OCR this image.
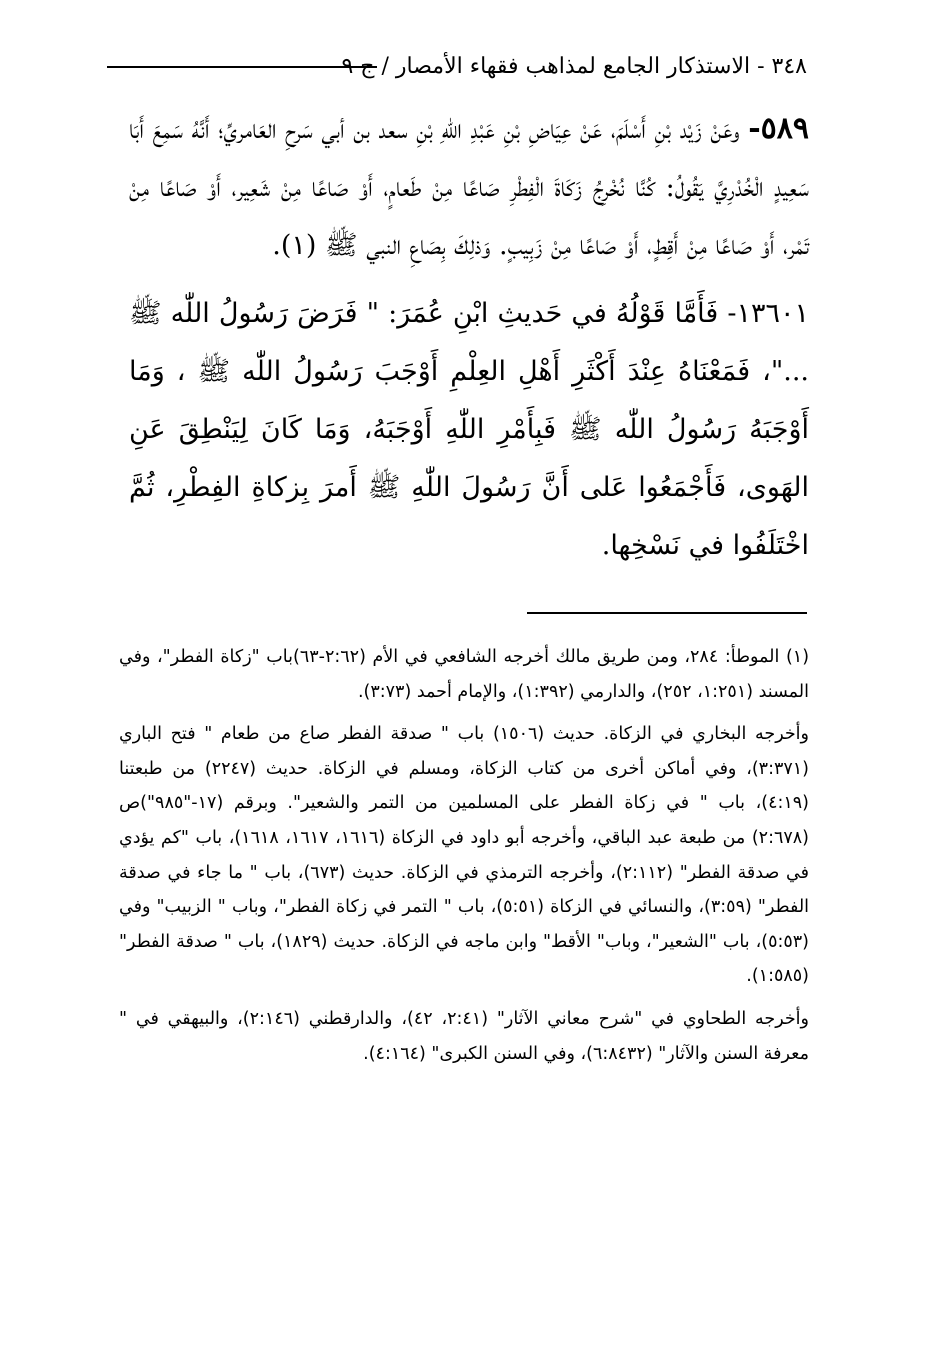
٣٤٨ - الاستذكار الجامع لمذاهب فقهاء الأمصار / ج ٩

٥٨٩- وعَنْ زَيْد بْنِ أَسْلَمَ، عَنْ عِيَاضِ بْنِ عَبْدِ اللّٰهِ بْنِ سعد بن أبي سَرحِ العَامريِّ؛ أَنَّهُ سَمِعَ أَبَا سَعِيدٍ الْخُدْرِيَّ يَقُولُ: كُنَّا نُخْرِجُ زَكَاةَ الْفِطْرِ صَاعًا مِنْ طَعامٍ، أَوْ صَاعًا مِنْ شَعِير، أَوْ صَاعًا مِنْ تَمْر، أَوْ صَاعًا مِنْ أَقِطٍ، أَوْ صَاعًا مِنْ زَبِيبٍ. وَذلِكَ بِصَاعِ النبي ﷺ (١).

١٣٦٠١- فَأَمَّا قَوْلُهُ في حَديثِ ابْنِ عُمَرَ: " فَرَضَ رَسُولُ اللّٰه ﷺ ..."، فَمَعْنَاهُ عِنْدَ أَكْثَرِ أَهْلِ العِلْمِ أَوْجَبَ رَسُولُ اللّٰه ﷺ ، وَمَا أَوْجَبَهُ رَسُولُ اللّٰه ﷺ فَبِأَمْرِ اللّٰهِ أَوْجَبَهُ، وَمَا كَانَ لِيَنْطِقَ عَنِ الهَوى، فَأَجْمَعُوا عَلى أَنَّ رَسُولَ اللّٰهِ ﷺ أَمرَ بِزكاةِ الفِطْرِ، ثُمَّ اخْتَلَفُوا في نَسْخِها.

(١) الموطأ: ٢٨٤، ومن طريق مالك أخرجه الشافعي في الأم (٢:٦٢-٦٣)باب "زكاة الفطر"، وفي المسند (١:٢٥١، ٢٥٢)، والدارمي (١:٣٩٢)، والإمام أحمد (٣:٧٣).

وأخرجه البخاري في الزكاة. حديث (١٥٠٦) باب " صدقة الفطر صاع من طعام " فتح الباري (٣:٣٧١)، وفي أماكن أخرى من كتاب الزكاة، ومسلم في الزكاة. حديث (٢٢٤٧) من طبعتنا (٤:١٩)، باب " في زكاة الفطر على المسلمين من التمر والشعير". وبرقم (١٧-"٩٨٥")ص (٢:٦٧٨) من طبعة عبد الباقي، وأخرجه أبو داود في الزكاة (١٦١٦، ١٦١٧، ١٦١٨)، باب "كم يؤدي في صدقة الفطر" (٢:١١٢)، وأخرجه الترمذي في الزكاة. حديث (٦٧٣)، باب " ما جاء في صدقة الفطر" (٣:٥٩)، والنسائي في الزكاة (٥:٥١)، باب " التمر في زكاة الفطر"، وباب " الزبيب" وفي (٥:٥٣)، باب "الشعير"، وباب" الأقط" وابن ماجه في الزكاة. حديث (١٨٢٩)، باب " صدقة الفطر" (١:٥٨٥).

وأخرجه الطحاوي في "شرح معاني الآثار" (٢:٤١، ٤٢)، والدارقطني (٢:١٤٦)، والبيهقي في " معرفة السنن والآثار" (٦:٨٤٣٢)، وفي السنن الكبرى" (٤:١٦٤).
